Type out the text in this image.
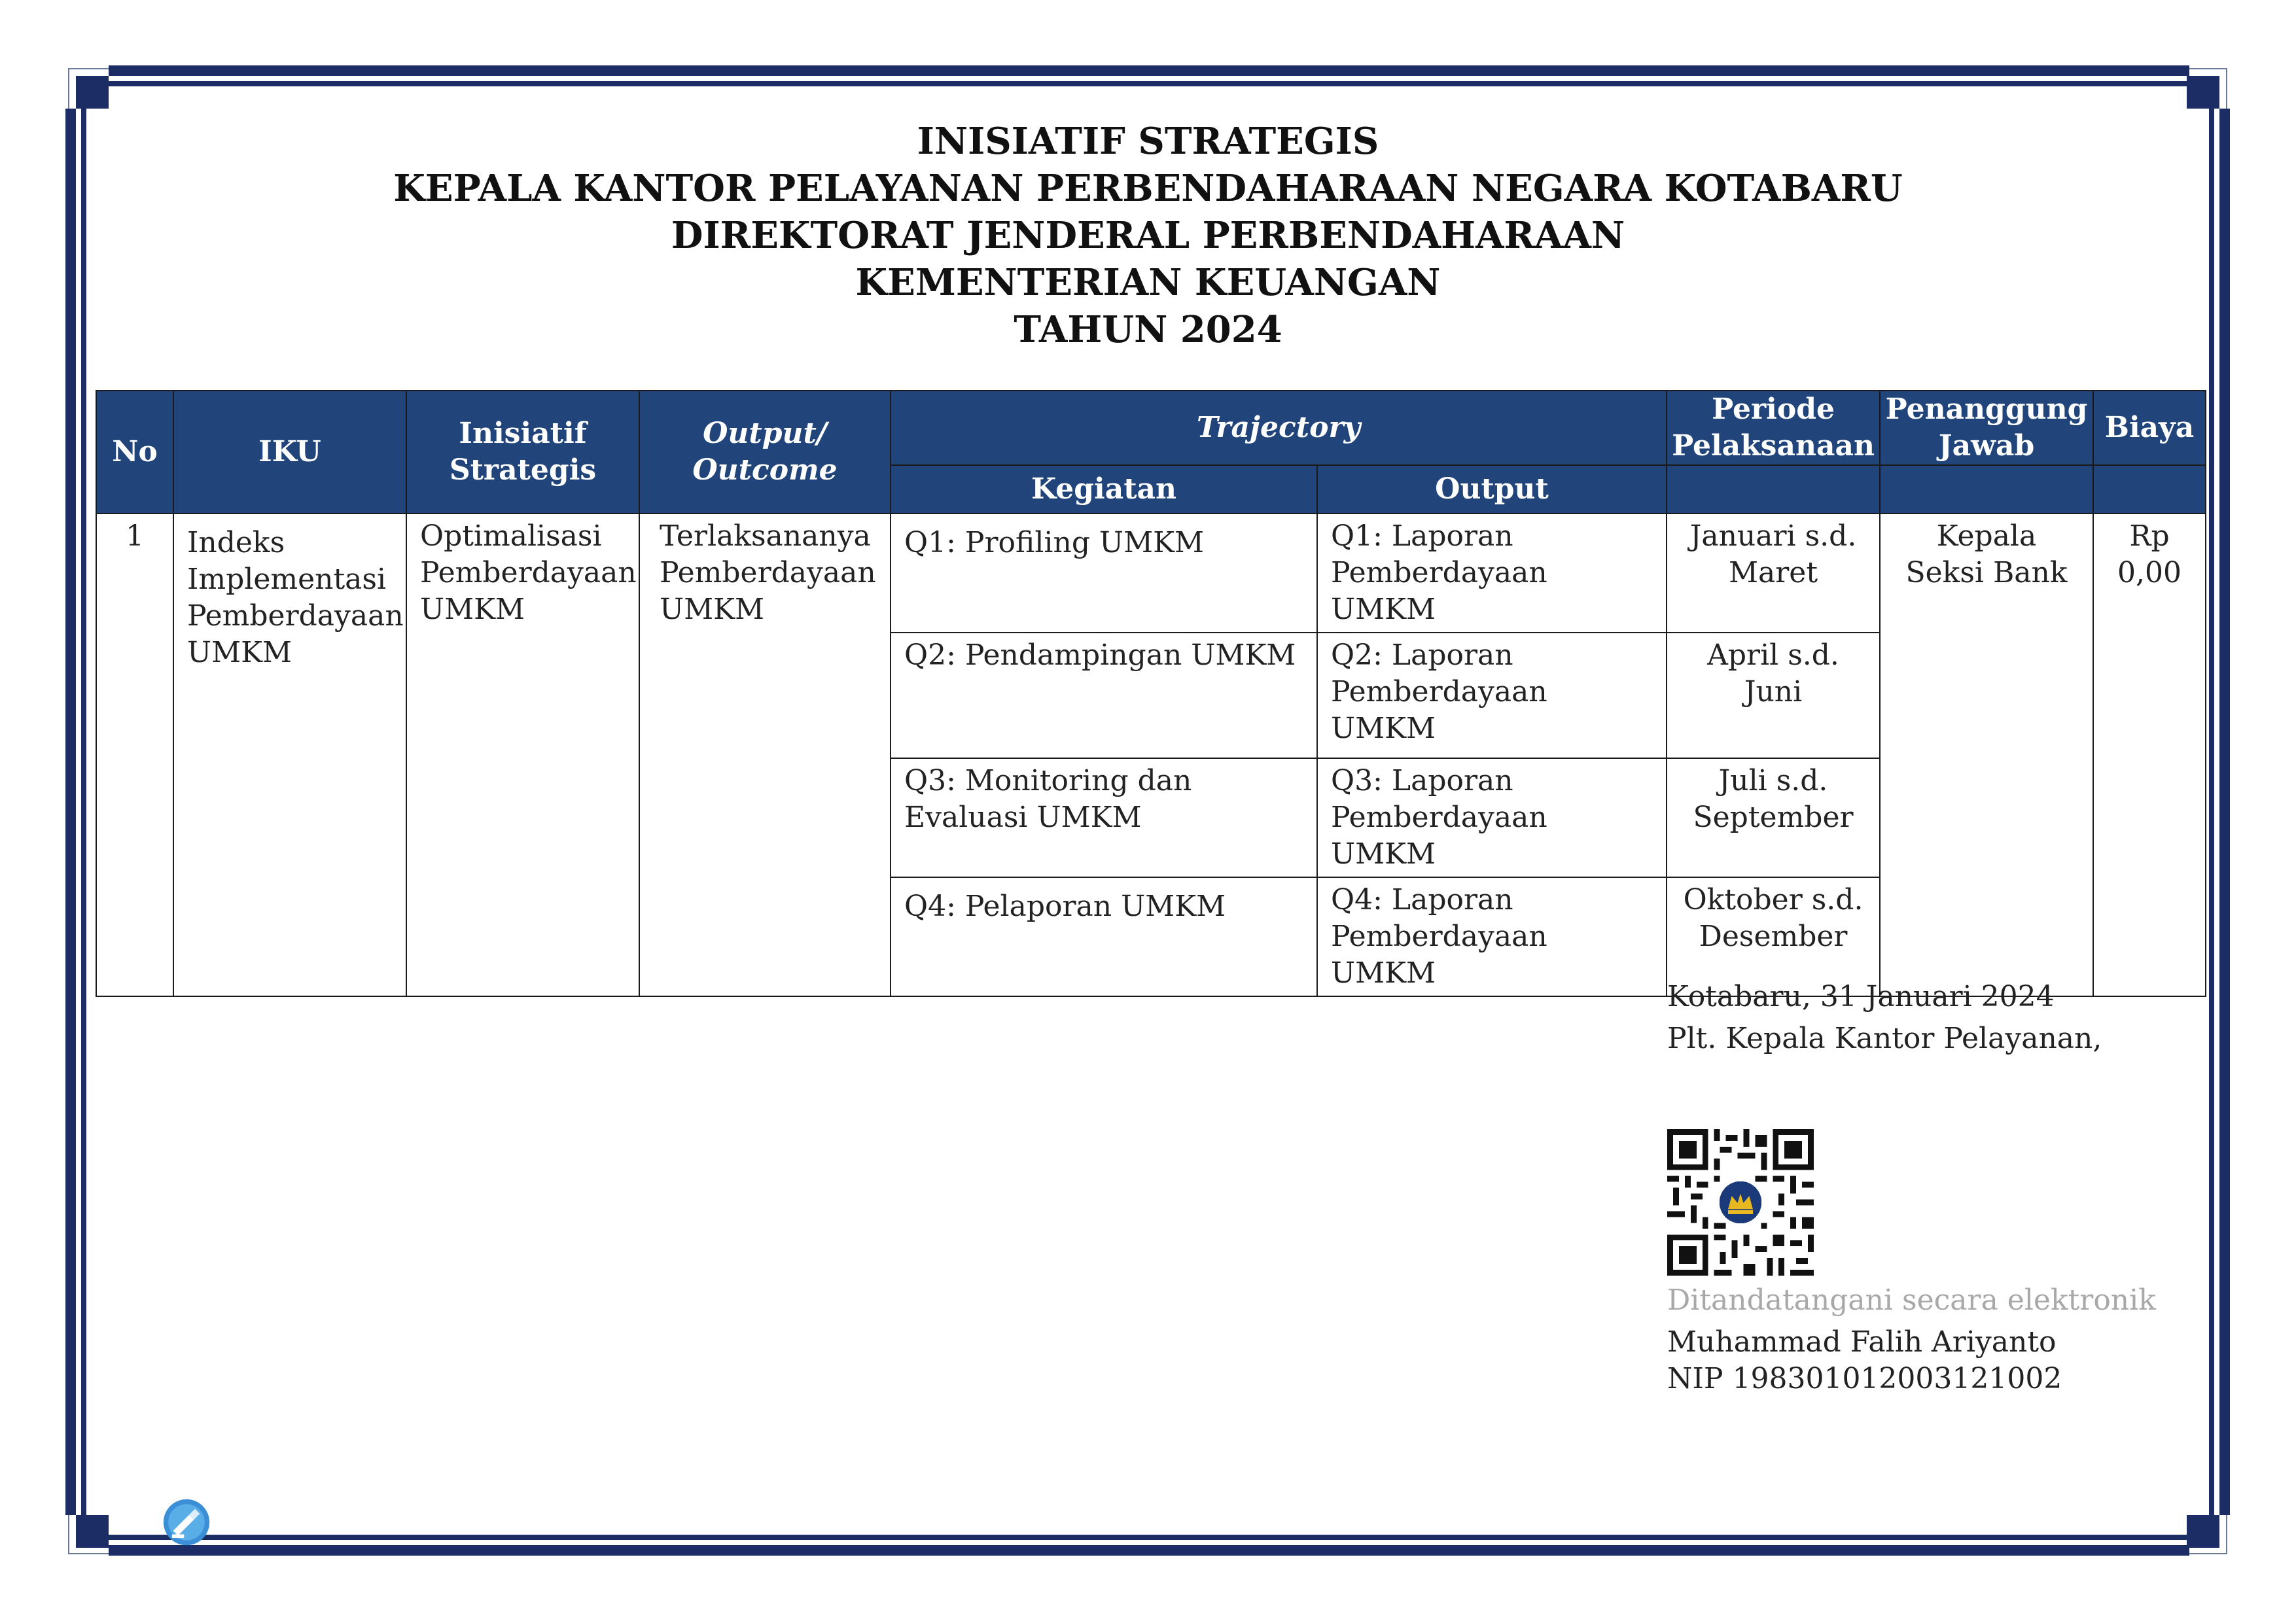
INISIATIF STRATEGIS
KEPALA KANTOR PELAYANAN PERBENDAHARAAN NEGARA KOTABARU
DIREKTORAT JENDERAL PERBENDAHARAAN
KEMENTERIAN KEUANGAN
TAHUN 2024
No	IKU	Inisiatif Strategis	Output/ Outcome	Trajectory		Periode Pelaksanaan	Penanggung Jawab	Biaya
				Kegiatan	Output			
1	Indeks Implementasi Pemberdayaan UMKM	Optimalisasi Pemberdayaan UMKM	Terlaksananya Pemberdayaan UMKM	Q1: Profiling UMKM	Q1: Laporan Pemberdayaan UMKM	Januari s.d. Maret	Kepala Seksi Bank	Rp 0,00
				Q2: Pendampingan UMKM	Q2: Laporan Pemberdayaan UMKM	April s.d. Juni		
				Q3: Monitoring dan Evaluasi UMKM	Q3: Laporan Pemberdayaan UMKM	Juli s.d. September		
				Q4: Pelaporan UMKM	Q4: Laporan Pemberdayaan UMKM	Oktober s.d. Desember		
Kotabaru, 31 Januari 2024
Plt. Kepala Kantor Pelayanan,
Ditandatangani secara elektronik
Muhammad Falih Ariyanto
NIP 198301012003121002
